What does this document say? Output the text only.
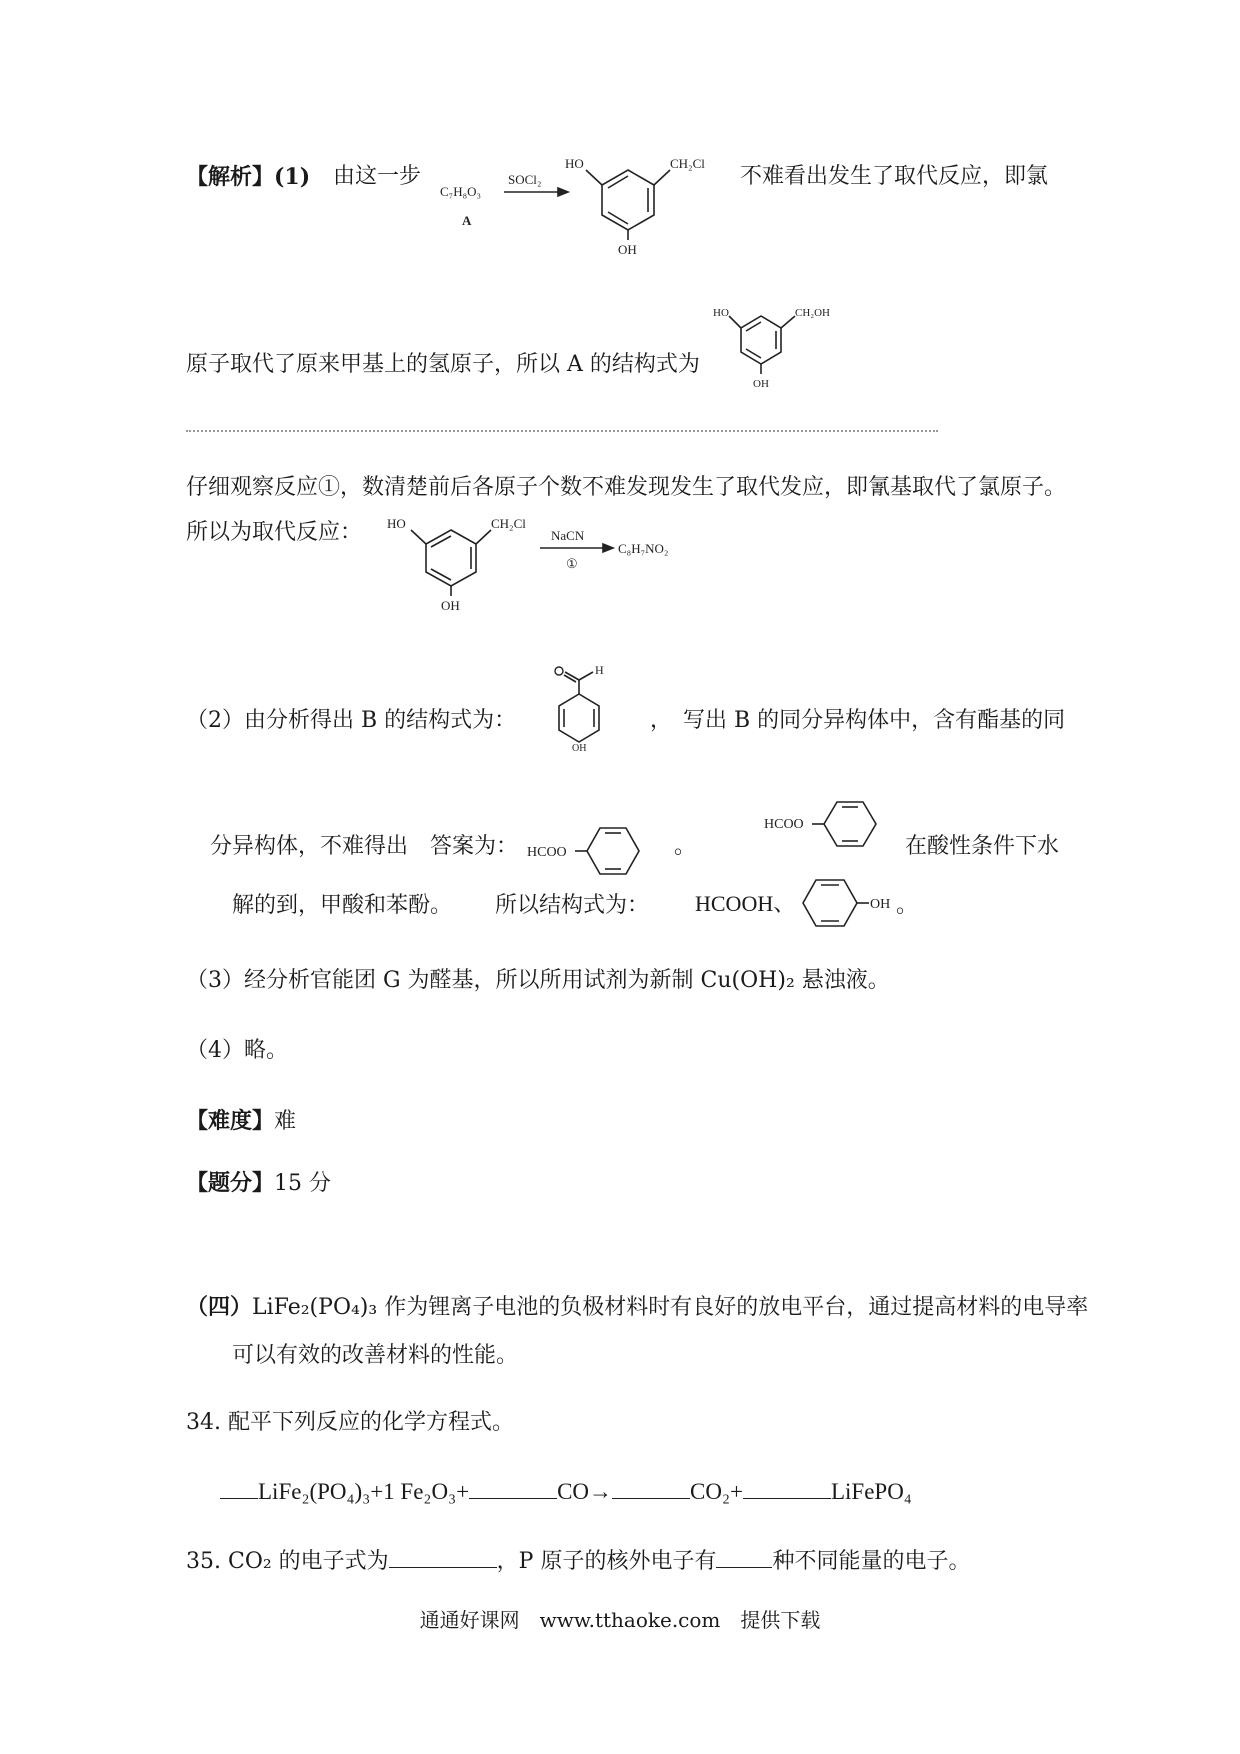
【解析】(1) 由这一步
C₇H₈O₃
A
SOCl₂
HO	CH₂Cl
OH
不难看出发生了取代反应，即氯
原子取代了原来甲基上的氢原子，所以 A 的结构式为
HO	CH₂OH
OH
仔细观察反应①，数清楚前后各原子个数不难发现发生了取代发应，即氰基取代了氯原子。
所以为取代反应： HO	CH₂Cl
OH
NaCN
①
C₈H₇NO₂
（2）由分析得出 B 的结构式为：
H
OH
， 写出 B 的同分异构体中，含有酯基的同
分异构体，不难得出　答案为： HCOO	。
HCOO
在酸性条件下水
解的到，甲酸和苯酚。 所以结构式为： HCOOH、	OH 。
（3）经分析官能团 G 为醛基，所以所用试剂为新制 Cu(OH)₂ 悬浊液。
（4）略。
【难度】难
【题分】15 分
（四）LiFe₂(PO₄)₃ 作为锂离子电池的负极材料时有良好的放电平台，通过提高材料的电导率
可以有效的改善材料的性能。
34. 配平下列反应的化学方程式。
LiFe₂(PO₄)₃+1 Fe₂O₃+	CO→	CO₂+	LiFePO₄
35. CO₂ 的电子式为	，P 原子的核外电子有	种不同能量的电子。
通通好课网　www.tthaoke.com　提供下载
